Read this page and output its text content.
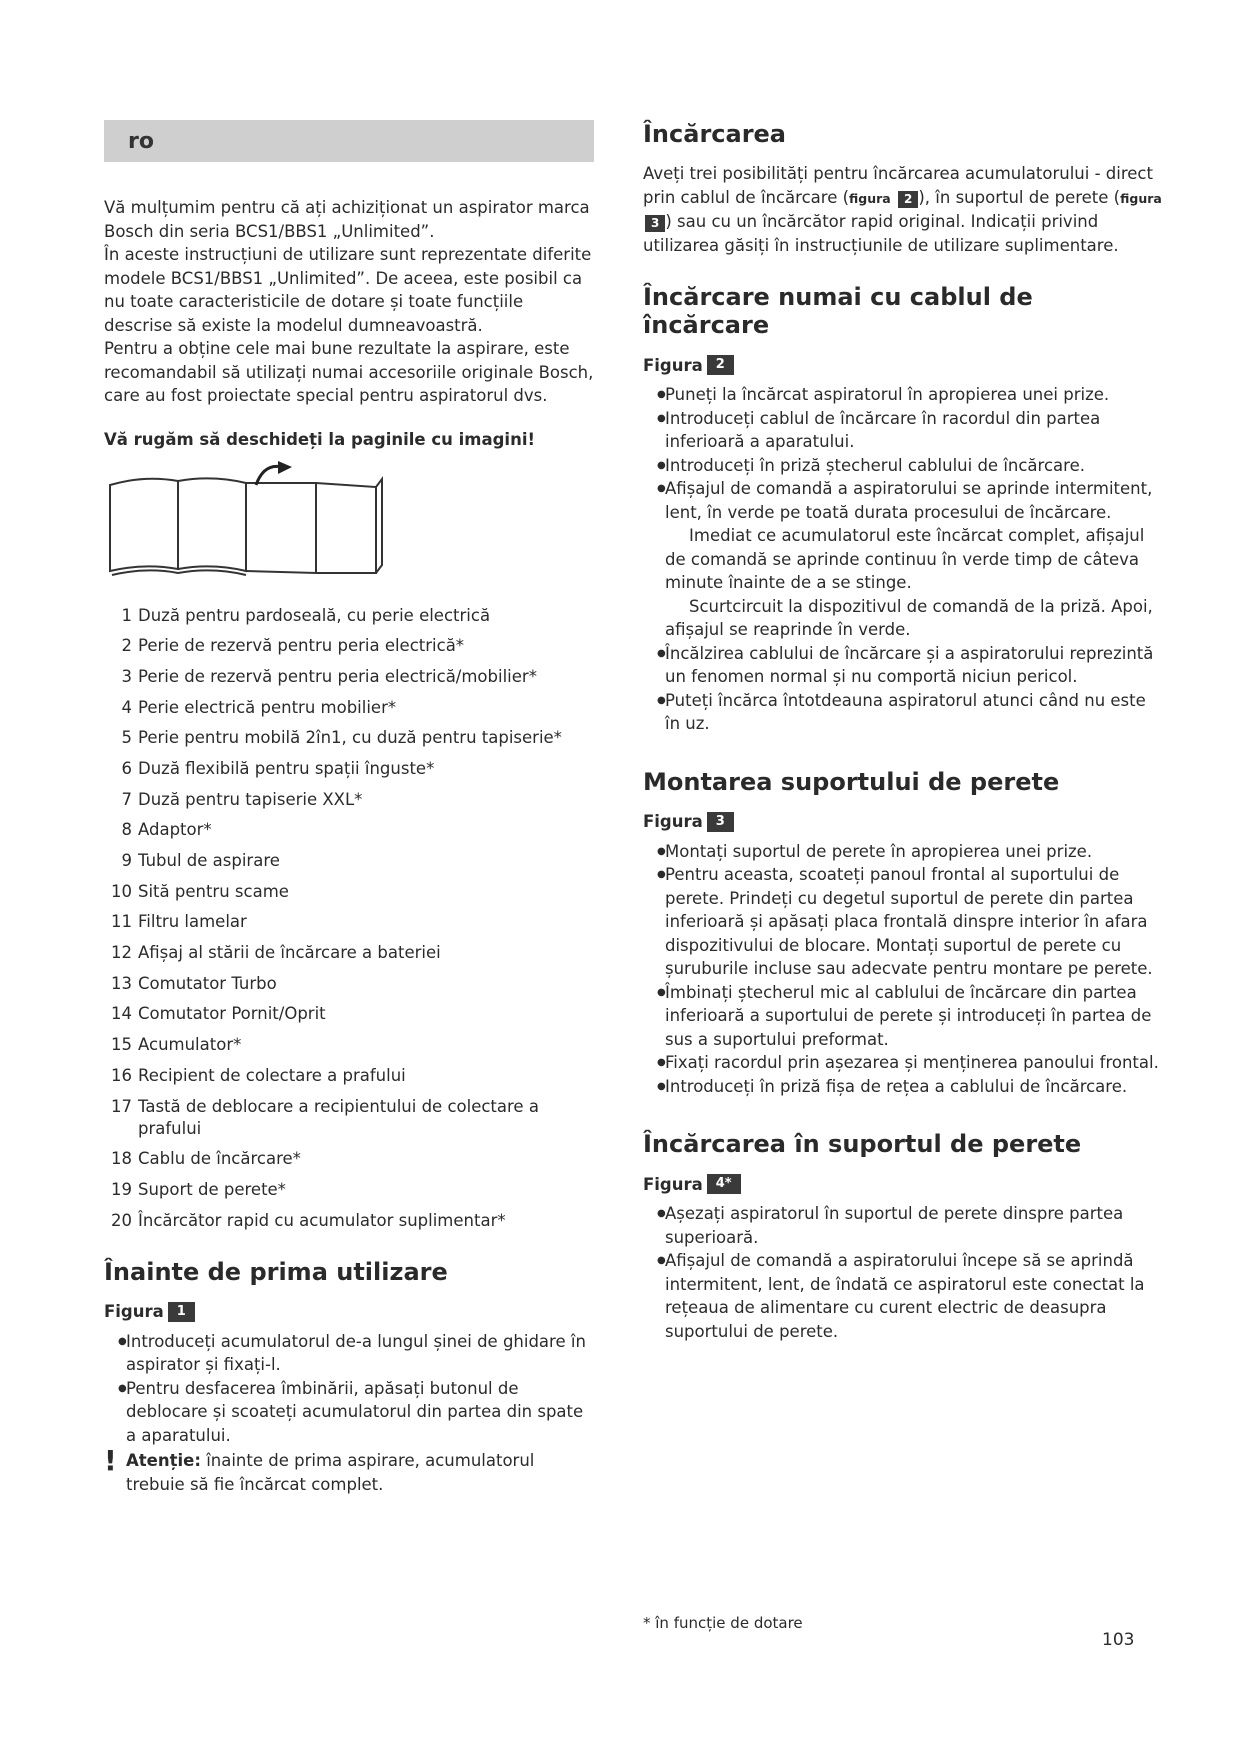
ro

Vă mulțumim pentru că ați achiziționat un aspirator marca Bosch din seria BCS1/BBS1 „Unlimited”.

În aceste instrucțiuni de utilizare sunt reprezentate diferite modele BCS1/BBS1 „Unlimited”. De aceea, este posibil ca nu toate caracteristicile de dotare și toate funcțiile descrise să existe la modelul dumneavoastră.

Pentru a obține cele mai bune rezultate la aspirare, este recomandabil să utilizați numai accesoriile originale Bosch, care au fost proiectate special pentru aspiratorul dvs.

Vă rugăm să deschideți la paginile cu imagini!
1 Duză pentru pardoseală, cu perie electrică
2 Perie de rezervă pentru peria electrică*
3 Perie de rezervă pentru peria electrică/mobilier*
4 Perie electrică pentru mobilier*
5 Perie pentru mobilă 2în1, cu duză pentru tapiserie*
6 Duză flexibilă pentru spații înguste*
7 Duză pentru tapiserie XXL*
8 Adaptor*
9 Tubul de aspirare
10 Sită pentru scame
11 Filtru lamelar
12 Afișaj al stării de încărcare a bateriei
13 Comutator Turbo
14 Comutator Pornit/Oprit
15 Acumulator*
16 Recipient de colectare a prafului
17 Tastă de deblocare a recipientului de colectare a prafului
18 Cablu de încărcare*
19 Suport de perete*
20 Încărcător rapid cu acumulator suplimentar*
Înainte de prima utilizare
Figura	1
● Introduceți acumulatorul de-a lungul șinei de ghidare în aspirator și fixați-l.
● Pentru desfacerea îmbinării, apăsați butonul de deblocare și scoateți acumulatorul din partea din spate a aparatului.
! Atenție: înainte de prima aspirare, acumulatorul trebuie să fie încărcat complet.
Încărcarea

Aveți trei posibilități pentru încărcarea acumulatorului - direct prin cablul de încărcare (figura 2 ), în suportul de perete (figura 3 ) sau cu un încărcător rapid original. Indicații privind utilizarea găsiți în instrucțiunile de utilizare suplimentare.

Încărcare numai cu cablul de încărcare
Figura	2
● Puneți la încărcat aspiratorul în apropierea unei prize.
● Introduceți cablul de încărcare în racordul din partea inferioară a aparatului.
● Introduceți în priză ștecherul cablului de încărcare.
● Afișajul de comandă a aspiratorului se aprinde intermitent, lent, în verde pe toată durata procesului de încărcare.

Imediat ce acumulatorul este încărcat complet, afișajul de comandă se aprinde continuu în verde timp de câteva minute înainte de a se stinge.

Scurtcircuit la dispozitivul de comandă de la priză. Apoi, afișajul se reaprinde în verde.

● Încălzirea cablului de încărcare și a aspiratorului reprezintă un fenomen normal și nu comportă niciun pericol.
● Puteți încărca întotdeauna aspiratorul atunci când nu este în uz.
Montarea suportului de perete
Figura	3
● Montați suportul de perete în apropierea unei prize.
● Pentru aceasta, scoateți panoul frontal al suportului de perete. Prindeți cu degetul suportul de perete din partea inferioară și apăsați placa frontală dinspre interior în afara dispozitivului de blocare. Montați suportul de perete cu șuruburile incluse sau adecvate pentru montare pe perete.
● Îmbinați ștecherul mic al cablului de încărcare din partea inferioară a suportului de perete și introduceți în partea de sus a suportului preformat.
● Fixați racordul prin așezarea și menținerea panoului frontal.
● Introduceți în priză fișa de rețea a cablului de încărcare.
Încărcarea în suportul de perete
Figura	4*
● Așezați aspiratorul în suportul de perete dinspre partea superioară.
● Afișajul de comandă a aspiratorului începe să se aprindă intermitent, lent, de îndată ce aspiratorul este conectat la rețeaua de alimentare cu curent electric de deasupra suportului de perete.
* în funcție de dotare
103
